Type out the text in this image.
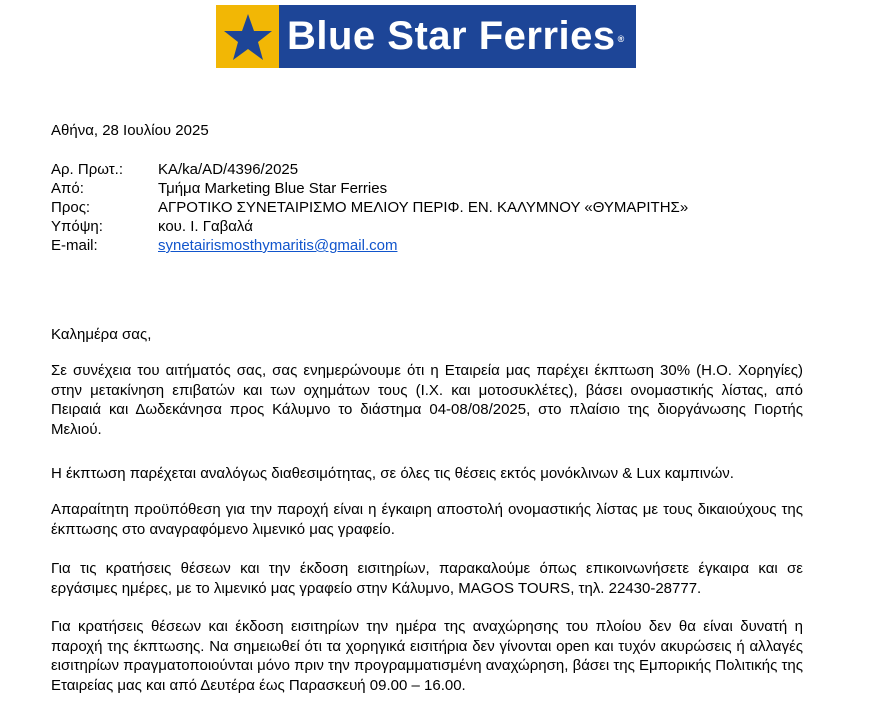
Blue Star Ferries ®
Αθήνα, 28 Ιουλίου 2025
Αρ. Πρωτ.:	KA/ka/AD/4396/2025
Από:	Τμήμα Marketing Blue Star Ferries
Προς:	ΑΓΡΟΤΙΚΟ ΣΥΝΕΤΑΙΡΙΣΜΟ ΜΕΛΙΟΥ ΠΕΡΙΦ. ΕΝ. ΚΑΛΥΜΝΟΥ «ΘΥΜΑΡΙΤΗΣ»
Υπόψη:	κου. Ι. Γαβαλά
E-mail:	synetairismosthymaritis@gmail.com
Καλημέρα σας,
Σε συνέχεια του αιτήματός σας, σας ενημερώνουμε ότι η Εταιρεία μας παρέχει έκπτωση 30% (Η.Ο. Χορηγίες) στην μετακίνηση επιβατών και των οχημάτων τους (Ι.Χ. και μοτοσυκλέτες), βάσει ονομαστικής λίστας, από Πειραιά και Δωδεκάνησα προς Κάλυμνο το διάστημα 04-08/08/2025, στο πλαίσιο της διοργάνωσης Γιορτής Μελιού.
Η έκπτωση παρέχεται αναλόγως διαθεσιμότητας, σε όλες τις θέσεις εκτός μονόκλινων & Lux καμπινών.
Απαραίτητη προϋπόθεση για την παροχή είναι η έγκαιρη αποστολή ονομαστικής λίστας με τους δικαιούχους της έκπτωσης στο αναγραφόμενο λιμενικό μας γραφείο.
Για τις κρατήσεις θέσεων και την έκδοση εισιτηρίων, παρακαλούμε όπως επικοινωνήσετε έγκαιρα και σε εργάσιμες ημέρες, με το λιμενικό μας γραφείο στην Κάλυμνο, MAGOS TOURS, τηλ. 22430-28777.
Για κρατήσεις θέσεων και έκδοση εισιτηρίων την ημέρα της αναχώρησης του πλοίου δεν θα είναι δυνατή η παροχή της έκπτωσης. Να σημειωθεί ότι τα χορηγικά εισιτήρια δεν γίνονται open και τυχόν ακυρώσεις ή αλλαγές εισιτηρίων πραγματοποιούνται μόνο πριν την προγραμματισμένη αναχώρηση, βάσει της Εμπορικής Πολιτικής της Εταιρείας μας και από Δευτέρα έως Παρασκευή 09.00 – 16.00.
